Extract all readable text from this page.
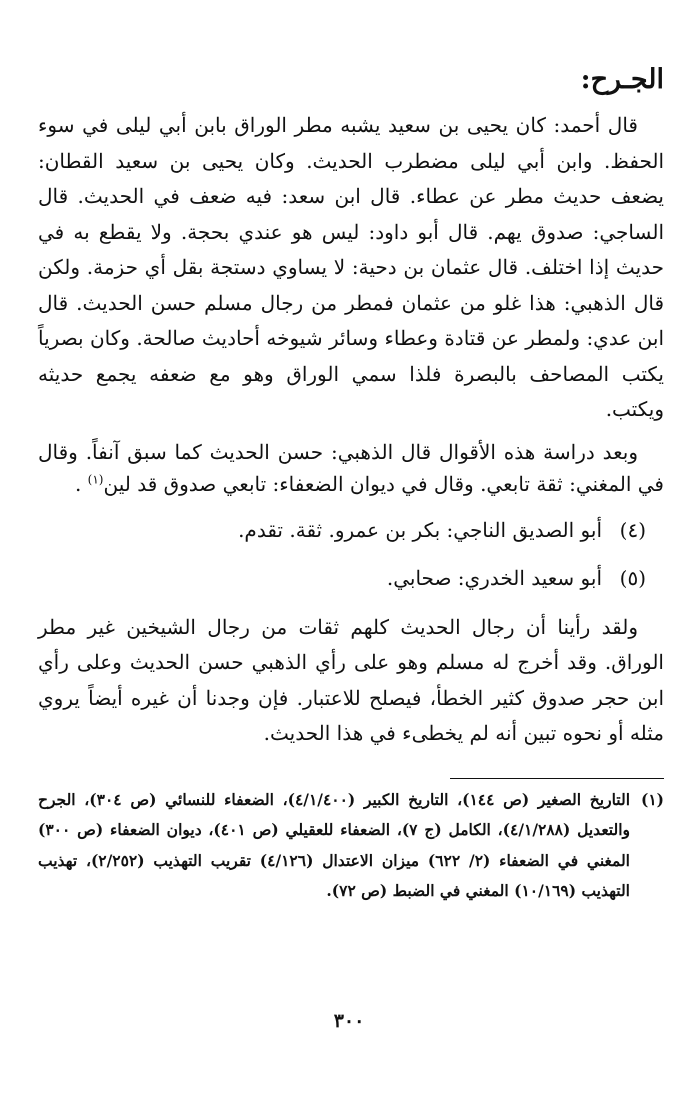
الجـرح:

قال أحمد: كان يحيى بن سعيد يشبه مطر الوراق بابن أبي ليلى في سوء الحفظ. وابن أبي ليلى مضطرب الحديث. وكان يحيى بن سعيد القطان: يضعف حديث مطر عن عطاء. قال ابن سعد: فيه ضعف في الحديث. قال الساجي: صدوق يهم. قال أبو داود: ليس هو عندي بحجة. ولا يقطع به في حديث إذا اختلف. قال عثمان بن دحية: لا يساوي دستجة بقل أي حزمة. ولكن قال الذهبي: هذا غلو من عثمان فمطر من رجال مسلم حسن الحديث. قال ابن عدي: ولمطر عن قتادة وعطاء وسائر شيوخه أحاديث صالحة. وكان بصرياً يكتب المصاحف بالبصرة فلذا سمي الوراق وهو مع ضعفه يجمع حديثه ويكتب.

وبعد دراسة هذه الأقوال قال الذهبي: حسن الحديث كما سبق آنفاً. وقال في المغني: ثقة تابعي. وقال في ديوان الضعفاء: تابعي صدوق قد لين$^{(١)}$ .

(٤)
أبو الصديق الناجي: بكر بن عمرو. ثقة. تقدم.
(٥)
أبو سعيد الخدري: صحابي.

ولقد رأينا أن رجال الحديث كلهم ثقات من رجال الشيخين غير مطر الوراق. وقد أخرج له مسلم وهو على رأي الذهبي حسن الحديث وعلى رأي ابن حجر صدوق كثير الخطأ، فيصلح للاعتبار. فإن وجدنا أن غيره أيضاً يروي مثله أو نحوه تبين أنه لم يخطىء في هذا الحديث.

(١)
التاريخ الصغير (ص ١٤٤)، التاريخ الكبير (٤/١/٤٠٠)، الضعفاء للنسائي (ص ٣٠٤)، الجرح والتعديل (٤/١/٢٨٨)، الكامل (ج ٧)، الضعفاء للعقيلي (ص ٤٠١)، ديوان الضعفاء (ص ٣٠٠) المغني في الضعفاء (٢/ ٦٢٢) ميزان الاعتدال (٤/١٢٦) تقريب التهذيب (٢/٢٥٢)، تهذيب التهذيب (١٠/١٦٩) المغني في الضبط (ص ٧٢).
٣٠٠
